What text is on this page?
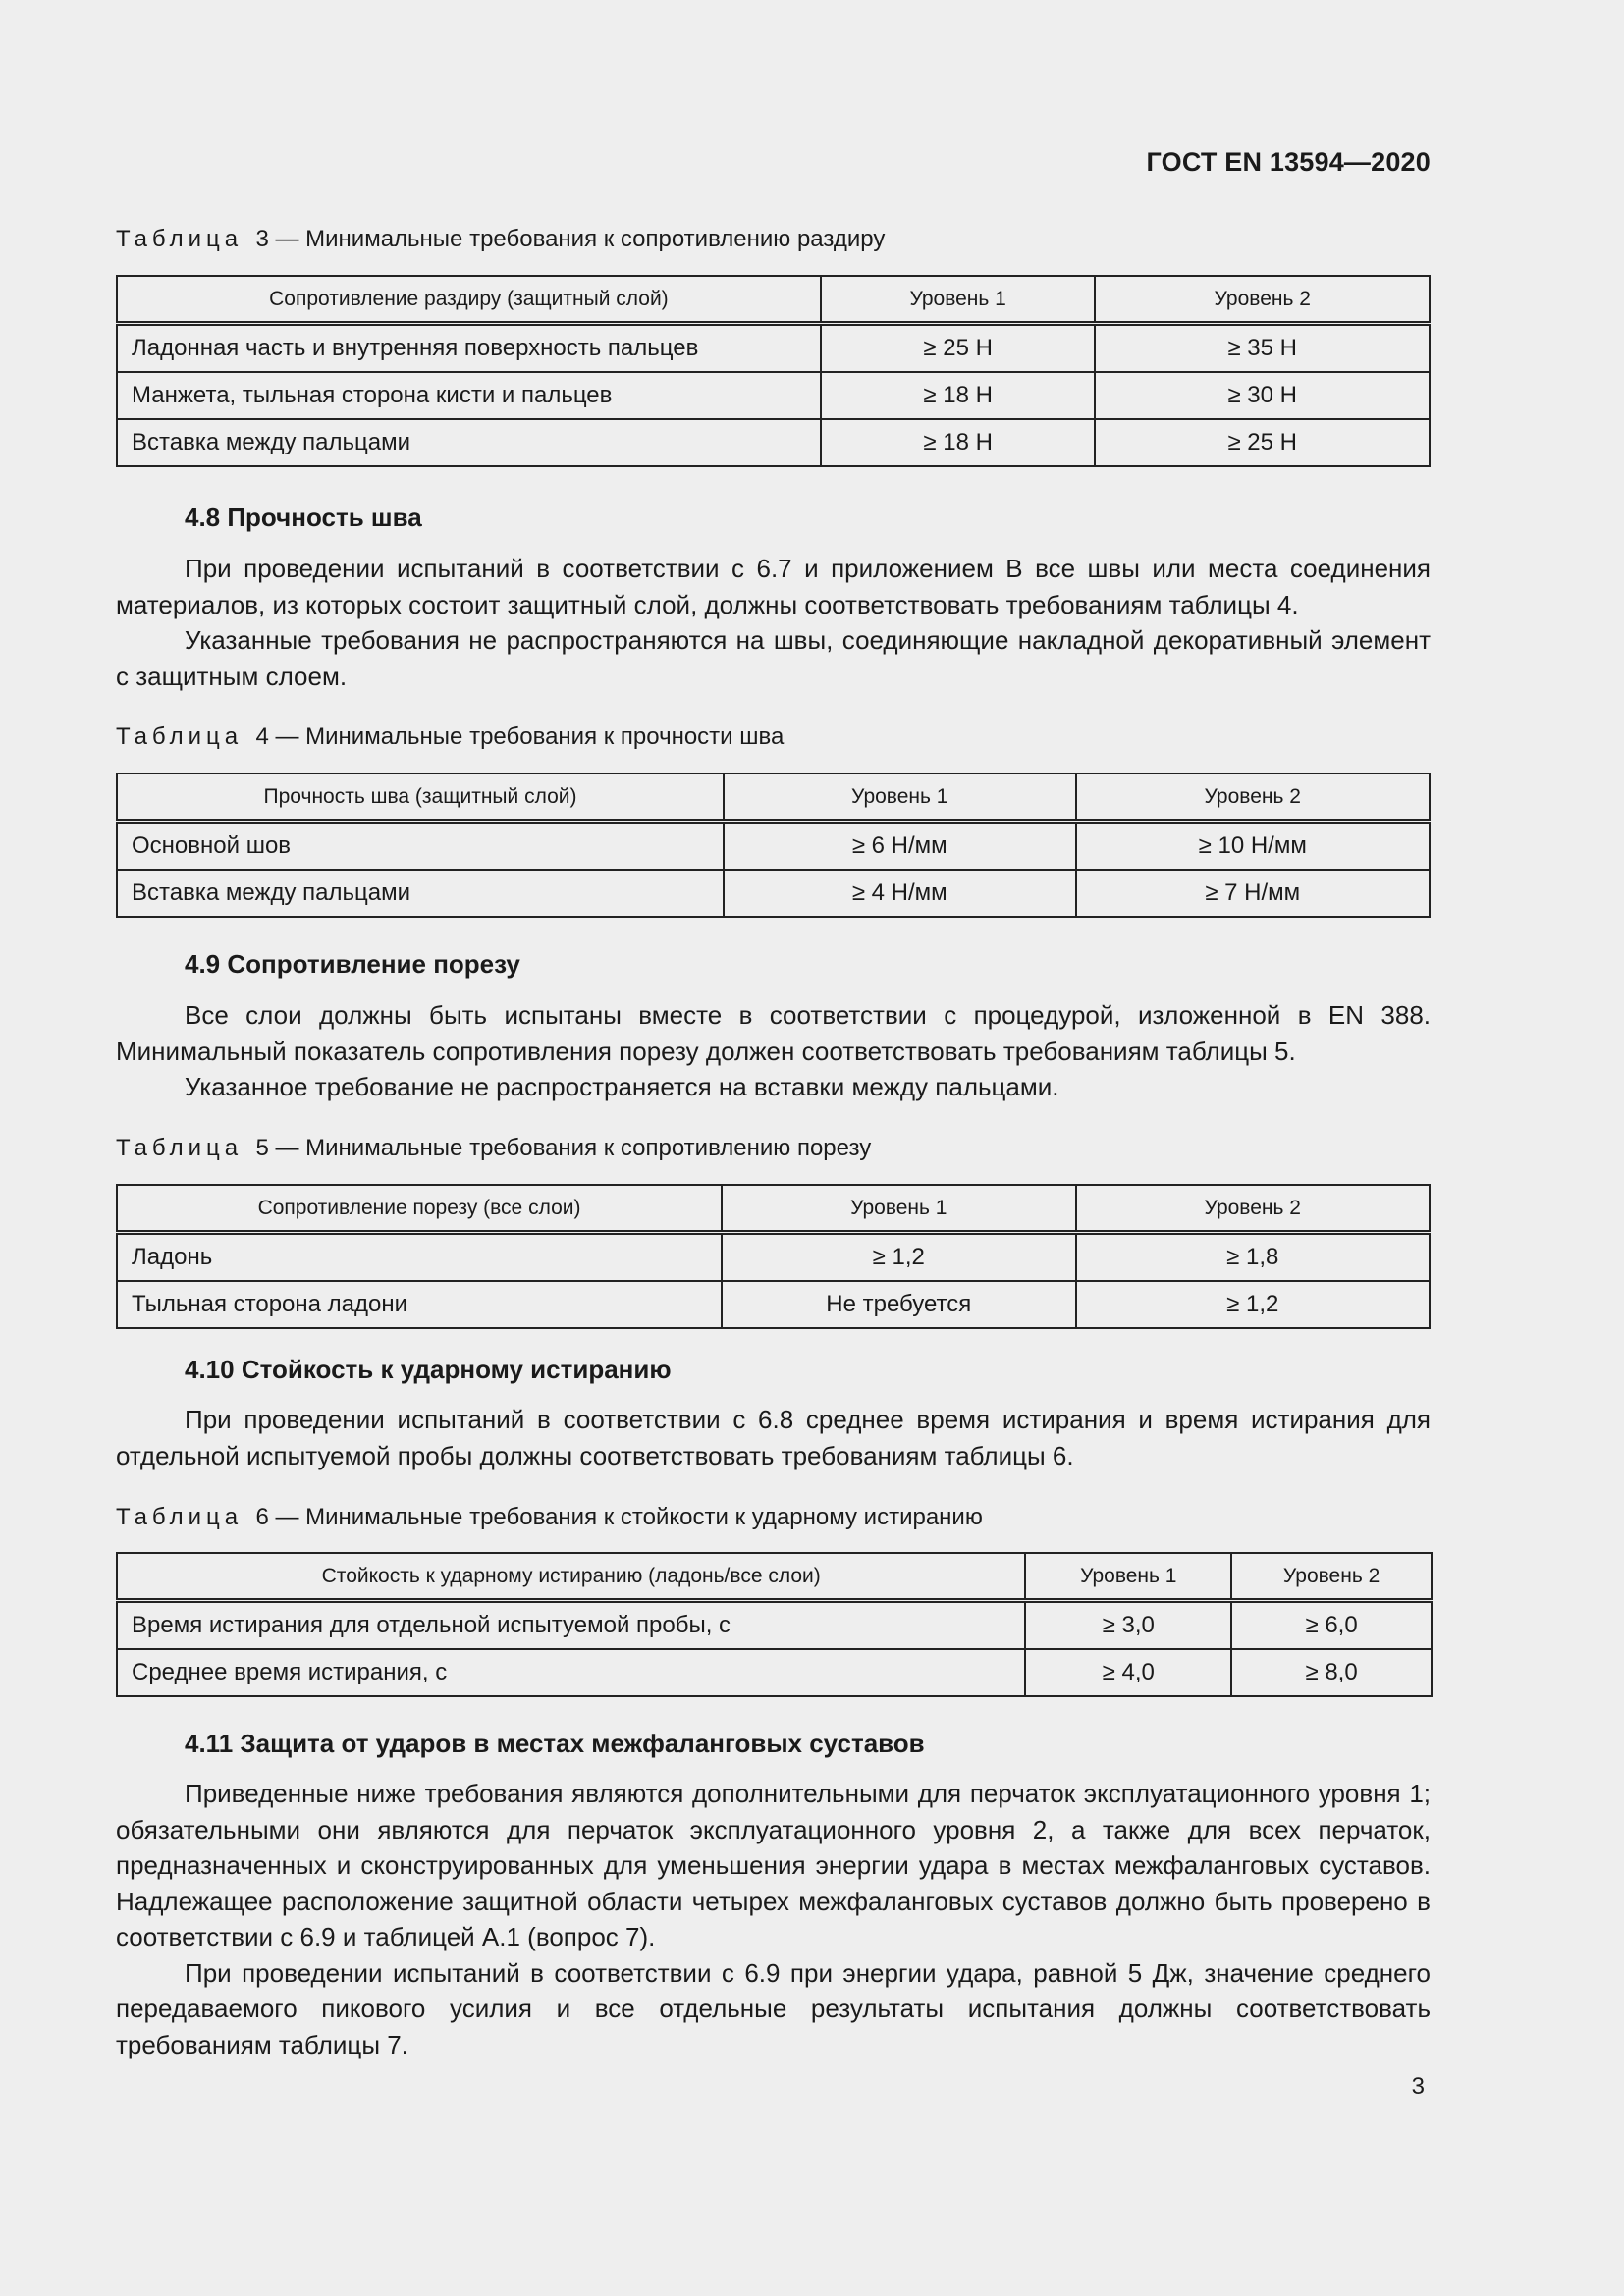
ГОСТ EN 13594—2020
Таблица 3 — Минимальные требования к сопротивлению раздиру
Сопротивление раздиру (защитный слой)	Уровень 1	Уровень 2
Ладонная часть и внутренняя поверхность пальцев	≥ 25 Н	≥ 35 Н
Манжета, тыльная сторона кисти и пальцев	≥ 18 Н	≥ 30 Н
Вставка между пальцами	≥ 18 Н	≥ 25 Н
4.8 Прочность шва

При проведении испытаний в соответствии с 6.7 и приложением В все швы или места соединения материалов, из которых состоит защитный слой, должны соответствовать требованиям таблицы 4.

Указанные требования не распространяются на швы, соединяющие накладной декоративный элемент с защитным слоем.

Таблица 4 — Минимальные требования к прочности шва
Прочность шва (защитный слой)	Уровень 1	Уровень 2
Основной шов	≥ 6 Н/мм	≥ 10 Н/мм
Вставка между пальцами	≥ 4 Н/мм	≥ 7 Н/мм
4.9 Сопротивление порезу

Все слои должны быть испытаны вместе в соответствии с процедурой, изложенной в EN 388. Минимальный показатель сопротивления порезу должен соответствовать требованиям таблицы 5.

Указанное требование не распространяется на вставки между пальцами.

Таблица 5 — Минимальные требования к сопротивлению порезу
Сопротивление порезу (все слои)	Уровень 1	Уровень 2
Ладонь	≥ 1,2	≥ 1,8
Тыльная сторона ладони	Не требуется	≥ 1,2
4.10 Стойкость к ударному истиранию

При проведении испытаний в соответствии с 6.8 среднее время истирания и время истирания для отдельной испытуемой пробы должны соответствовать требованиям таблицы 6.

Таблица 6 — Минимальные требования к стойкости к ударному истиранию
Стойкость к ударному истиранию (ладонь/все слои)	Уровень 1	Уровень 2
Время истирания для отдельной испытуемой пробы, с	≥ 3,0	≥ 6,0
Среднее время истирания, с	≥ 4,0	≥ 8,0
4.11 Защита от ударов в местах межфаланговых суставов

Приведенные ниже требования являются дополнительными для перчаток эксплуатационного уровня 1; обязательными они являются для перчаток эксплуатационного уровня 2, а также для всех перчаток, предназначенных и сконструированных для уменьшения энергии удара в местах межфаланговых суставов. Надлежащее расположение защитной области четырех межфаланговых суставов должно быть проверено в соответствии с 6.9 и таблицей А.1 (вопрос 7).

При проведении испытаний в соответствии с 6.9 при энергии удара, равной 5 Дж, значение среднего передаваемого пикового усилия и все отдельные результаты испытания должны соответствовать требованиям таблицы 7.

3
